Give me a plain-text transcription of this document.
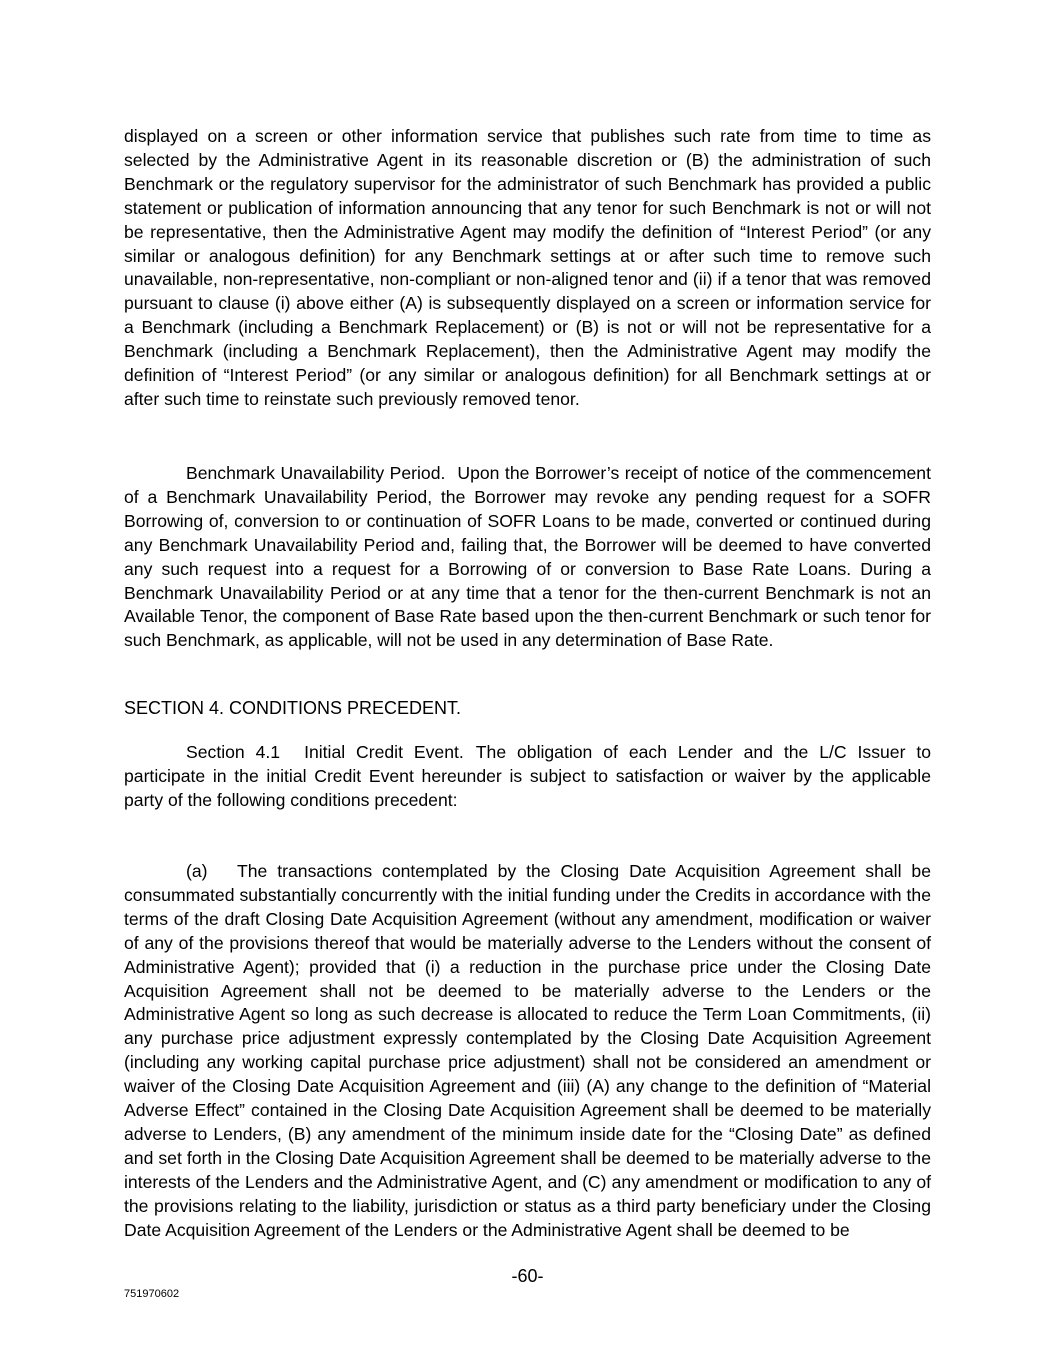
displayed on a screen or other information service that publishes such rate from time to time as selected by the Administrative Agent in its reasonable discretion or (B) the administration of such Benchmark or the regulatory supervisor for the administrator of such Benchmark has provided a public statement or publication of information announcing that any tenor for such Benchmark is not or will not be representative, then the Administrative Agent may modify the definition of “Interest Period” (or any similar or analogous definition) for any Benchmark settings at or after such time to remove such unavailable, non-representative, non-compliant or non-aligned tenor and (ii) if a tenor that was removed pursuant to clause (i) above either (A) is subsequently displayed on a screen or information service for a Benchmark (including a Benchmark Replacement) or (B) is not or will not be representative for a Benchmark (including a Benchmark Replacement), then the Administrative Agent may modify the definition of “Interest Period” (or any similar or analogous definition) for all Benchmark settings at or after such time to reinstate such previously removed tenor.

Benchmark Unavailability Period. Upon the Borrower’s receipt of notice of the commencement of a Benchmark Unavailability Period, the Borrower may revoke any pending request for a SOFR Borrowing of, conversion to or continuation of SOFR Loans to be made, converted or continued during any Benchmark Unavailability Period and, failing that, the Borrower will be deemed to have converted any such request into a request for a Borrowing of or conversion to Base Rate Loans. During a Benchmark Unavailability Period or at any time that a tenor for the then-current Benchmark is not an Available Tenor, the component of Base Rate based upon the then-current Benchmark or such tenor for such Benchmark, as applicable, will not be used in any determination of Base Rate.

SECTION 4. CONDITIONS PRECEDENT.

Section 4.1 Initial Credit Event. The obligation of each Lender and the L/C Issuer to participate in the initial Credit Event hereunder is subject to satisfaction or waiver by the applicable party of the following conditions precedent:

(a) The transactions contemplated by the Closing Date Acquisition Agreement shall be consummated substantially concurrently with the initial funding under the Credits in accordance with the terms of the draft Closing Date Acquisition Agreement (without any amendment, modification or waiver of any of the provisions thereof that would be materially adverse to the Lenders without the consent of Administrative Agent); provided that (i) a reduction in the purchase price under the Closing Date Acquisition Agreement shall not be deemed to be materially adverse to the Lenders or the Administrative Agent so long as such decrease is allocated to reduce the Term Loan Commitments, (ii) any purchase price adjustment expressly contemplated by the Closing Date Acquisition Agreement (including any working capital purchase price adjustment) shall not be considered an amendment or waiver of the Closing Date Acquisition Agreement and (iii) (A) any change to the definition of “Material Adverse Effect” contained in the Closing Date Acquisition Agreement shall be deemed to be materially adverse to Lenders, (B) any amendment of the minimum inside date for the “Closing Date” as defined and set forth in the Closing Date Acquisition Agreement shall be deemed to be materially adverse to the interests of the Lenders and the Administrative Agent, and (C) any amendment or modification to any of the provisions relating to the liability, jurisdiction or status as a third party beneficiary under the Closing Date Acquisition Agreement of the Lenders or the Administrative Agent shall be deemed to be

-60-
751970602
